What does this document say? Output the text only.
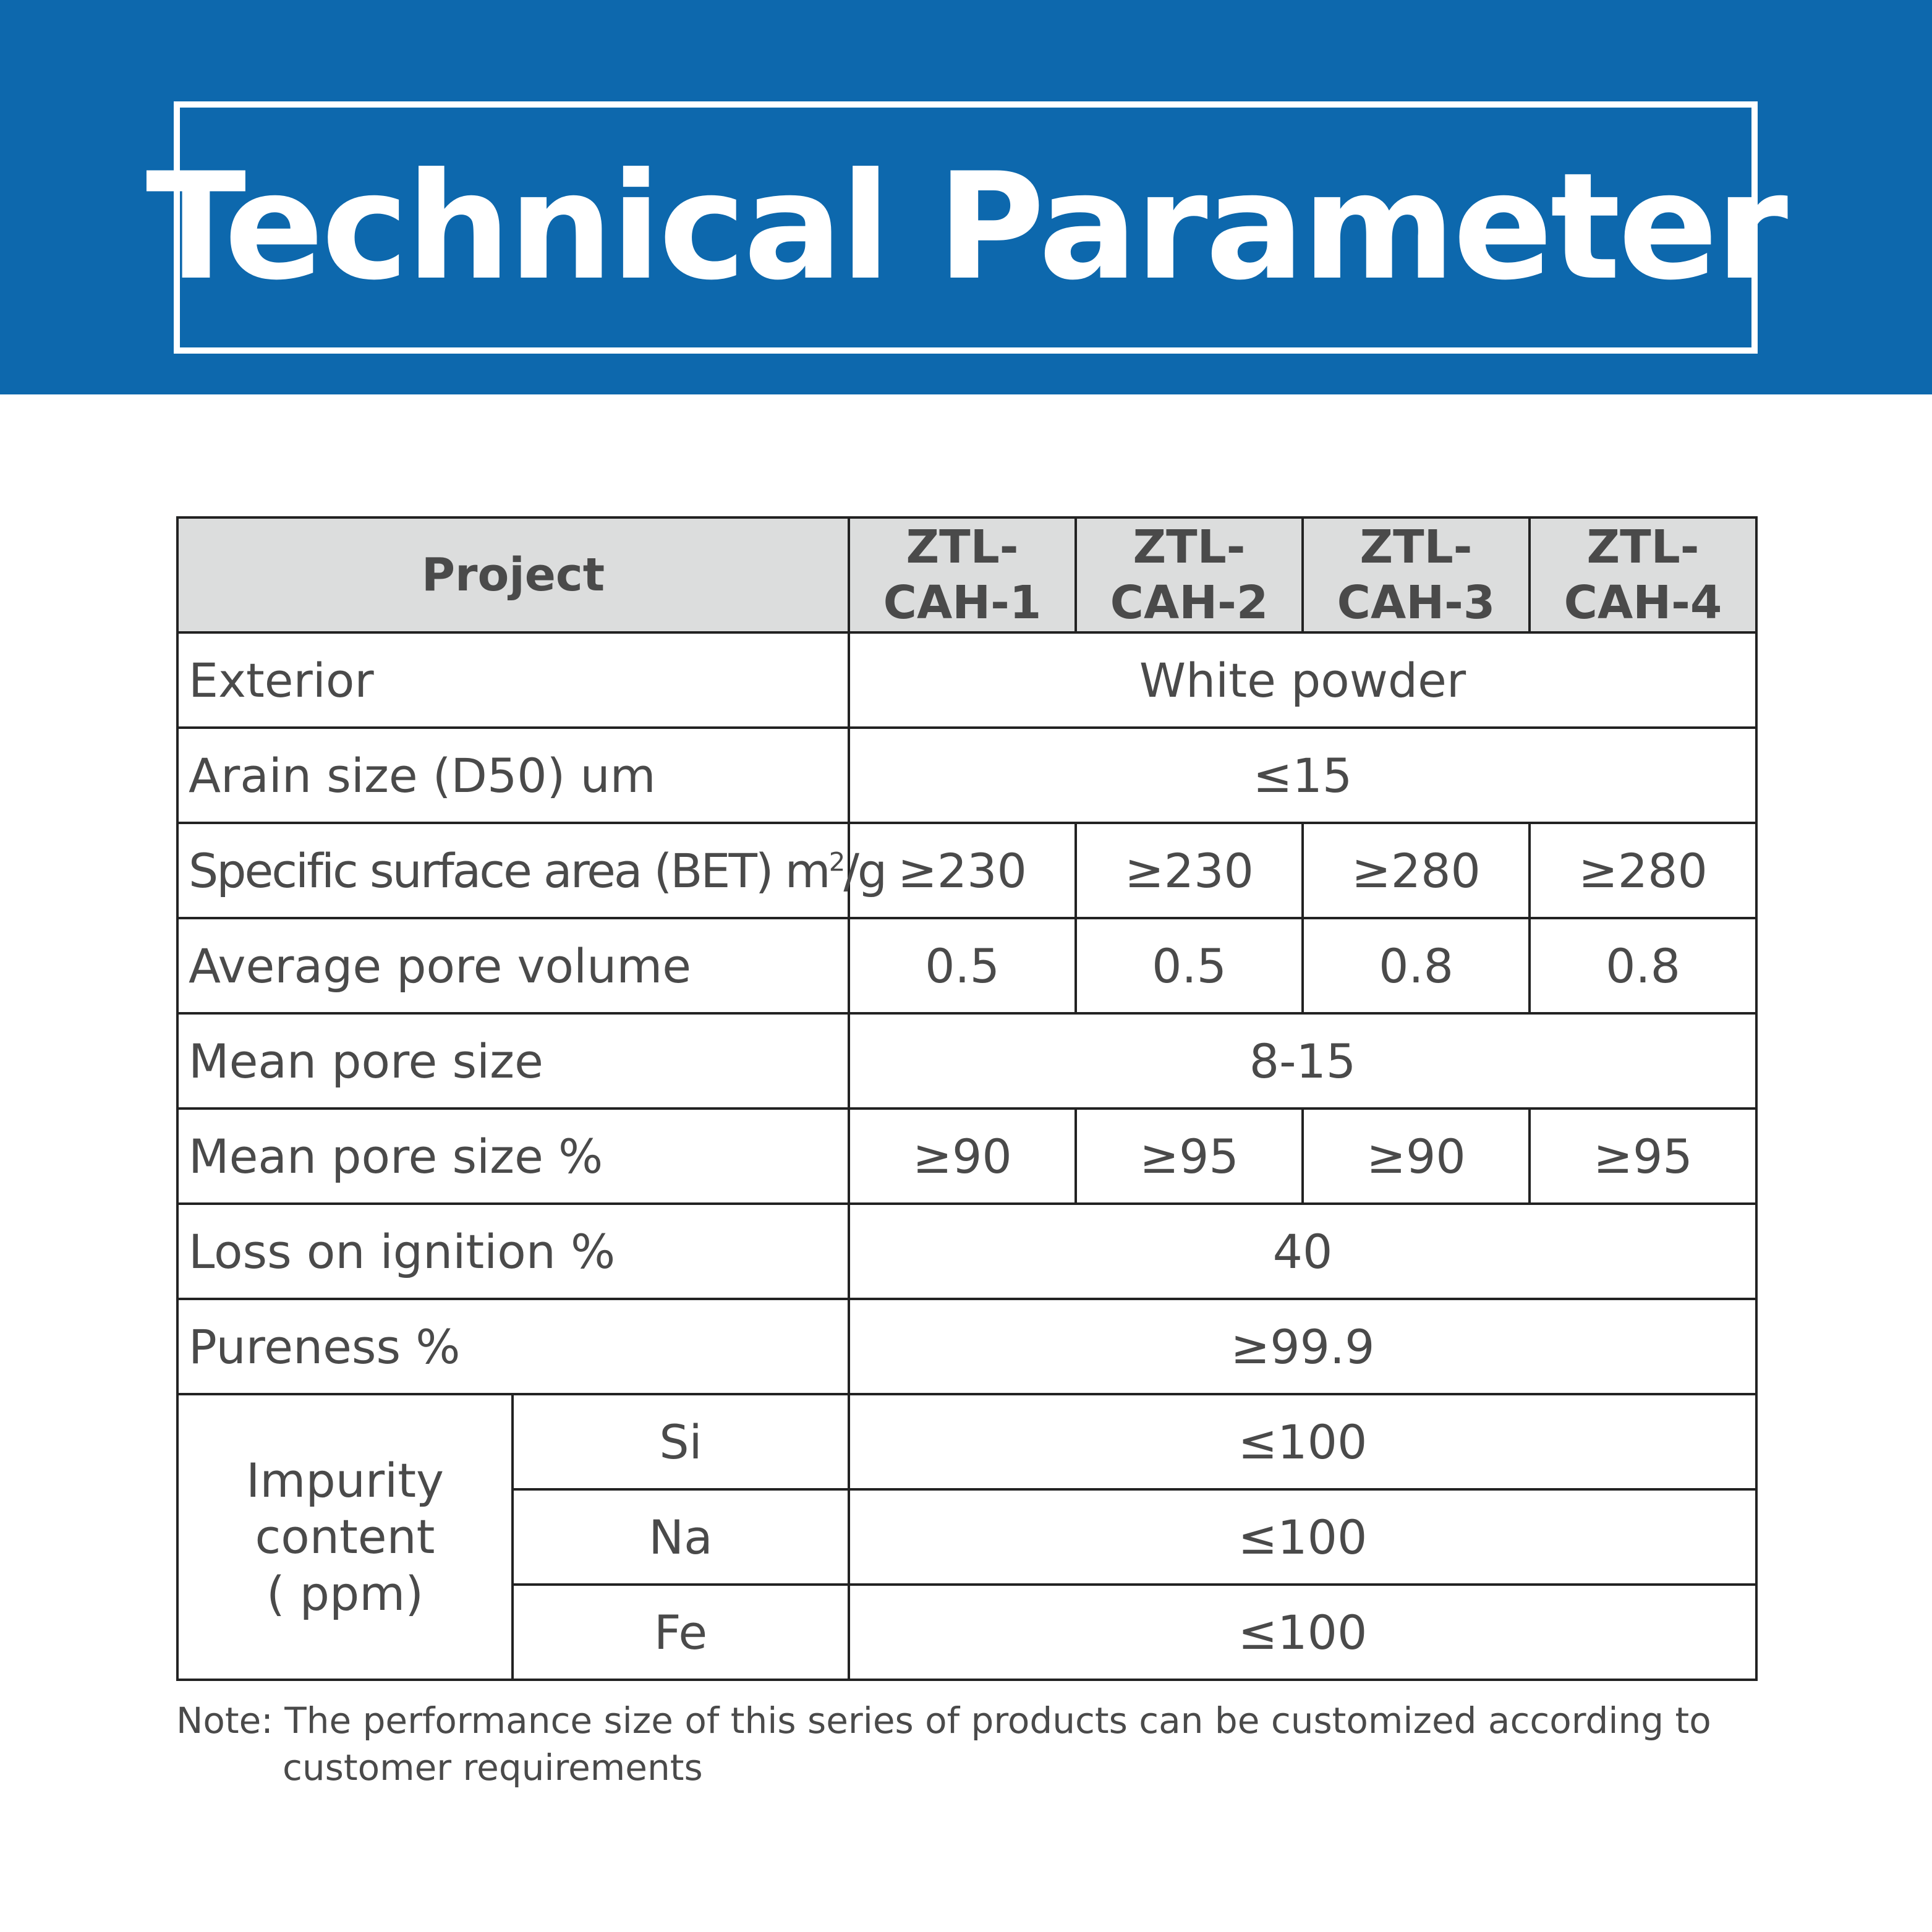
Technical Parameter
Project		ZTL-CAH-1	ZTL-CAH-2	ZTL-CAH-3	ZTL-CAH-4
Exterior		White powder			
Arain size (D50) um		≤15			
Specific surface area (BET) $m^2/g$		≥230	≥230	≥280	≥280
Average pore volume		0.5	0.5	0.8	0.8
Mean pore size		8-15			
Mean pore size %		≥90	≥95	≥90	≥95
Loss on ignition %		40			
Pureness %		≥99.9			
Impurity
content
( ppm)	Si	≤100			
	Na	≤100			
	Fe	≤100			
Note: The performance size of this series of products can be customized according to
customer requirements
